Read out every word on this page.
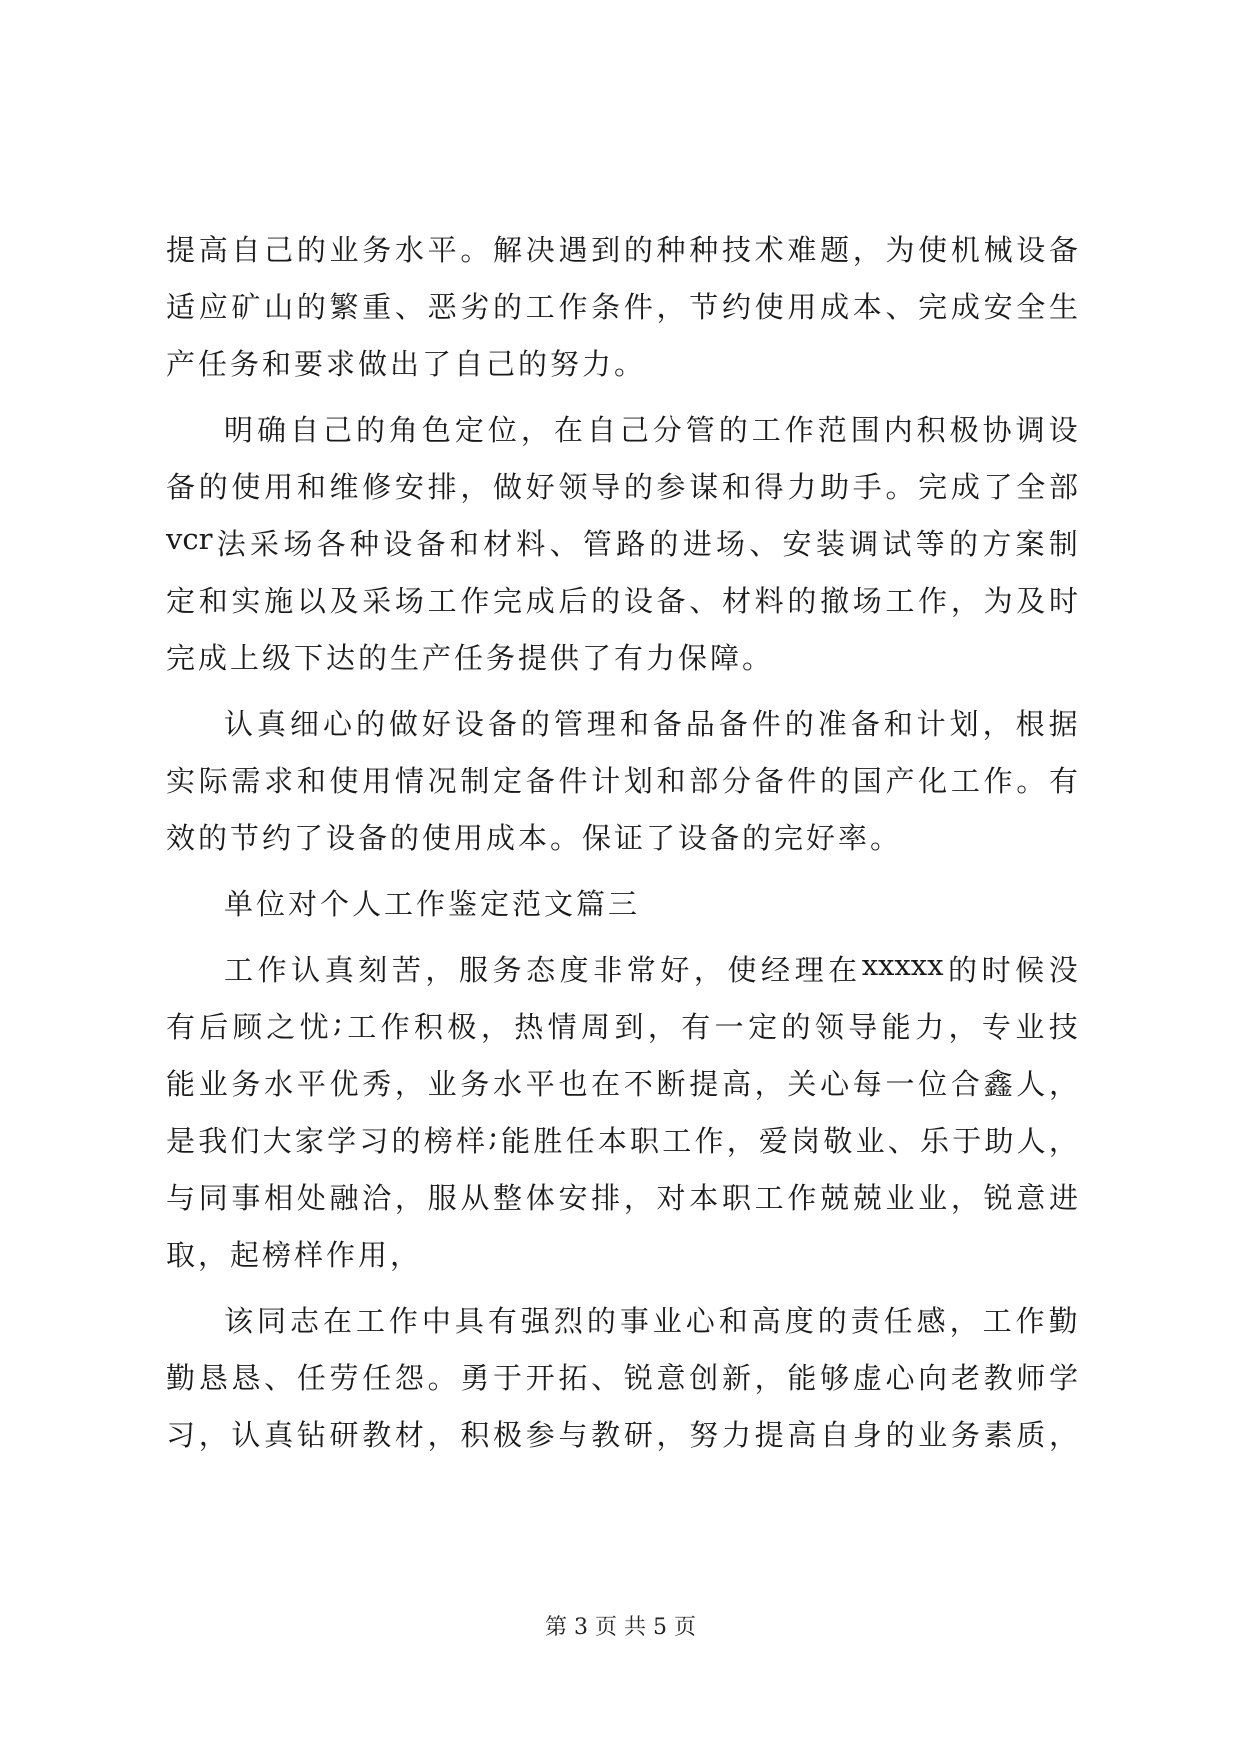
提 高 自 己 的 业 务 水 平 。 解 决 遇 到 的 种 种 技 术 难 题 ， 为 使 机 械 设 备
适 应 矿 山 的 繁 重 、 恶 劣 的 工 作 条 件 ， 节 约 使 用 成 本 、 完 成 安 全 生
产任务和要求做出了自己的努力。
明 确 自 己 的 角 色 定 位 ， 在 自 己 分 管 的 工 作 范 围 内 积 极 协 调 设
备 的 使 用 和 维 修 安 排 ， 做 好 领 导 的 参 谋 和 得 力 助 手 。 完 成 了 全 部
vcr 法 采 场 各 种 设 备 和 材 料 、 管 路 的 进 场 、 安 装 调 试 等 的 方 案 制
定 和 实 施 以 及 采 场 工 作 完 成 后 的 设 备 、 材 料 的 撤 场 工 作 ， 为 及 时
完成上级下达的生产任务提供了有力保障。
认 真 细 心 的 做 好 设 备 的 管 理 和 备 品 备 件 的 准 备 和 计 划 ， 根 据
实 际 需 求 和 使 用 情 况 制 定 备 件 计 划 和 部 分 备 件 的 国 产 化 工 作 。 有
效的节约了设备的使用成本。保证了设备的完好率。
单位对个人工作鉴定范文篇三
工 作 认 真 刻 苦 ， 服 务 态 度 非 常 好 ， 使 经 理 在 xxxxx 的 时 候 没
有 后 顾 之 忧 ; 工 作 积 极 ， 热 情 周 到 ， 有 一 定 的 领 导 能 力 ， 专 业 技
能 业 务 水 平 优 秀 ， 业 务 水 平 也 在 不 断 提 高 ， 关 心 每 一 位 合 鑫 人 ，
是 我 们 大 家 学 习 的 榜 样 ; 能 胜 任 本 职 工 作 ， 爱 岗 敬 业 、 乐 于 助 人 ，
与 同 事 相 处 融 洽 ， 服 从 整 体 安 排 ， 对 本 职 工 作 兢 兢 业 业 ， 锐 意 进
取，起榜样作用，
该 同 志 在 工 作 中 具 有 强 烈 的 事 业 心 和 高 度 的 责 任 感 ， 工 作 勤
勤 恳 恳 、 任 劳 任 怨 。 勇 于 开 拓 、 锐 意 创 新 ， 能 够 虚 心 向 老 教 师 学
习 ， 认 真 钻 研 教 材 ， 积 极 参 与 教 研 ， 努 力 提 高 自 身 的 业 务 素 质 ，
第 3 页 共 5 页
